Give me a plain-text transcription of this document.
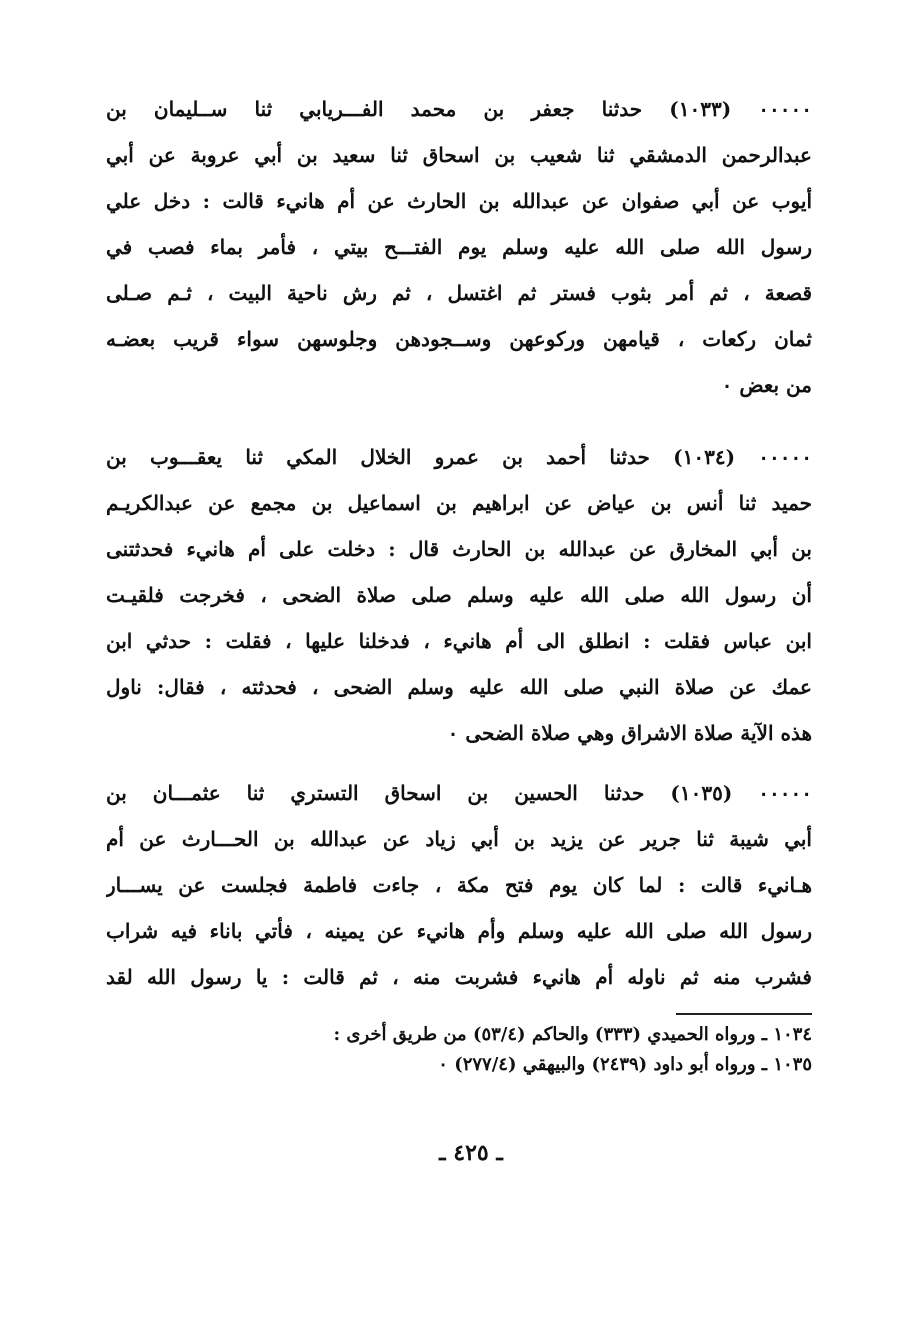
٠٠٠٠٠ (١٠٣٣) حدثنا جعفر بن محمد الفـــريابي ثنا ســليمان بن
عبدالرحمن الدمشقي ثنا شعيب بن اسحاق ثنا سعيد بن أبي عروبة عن أبي
أيوب عن أبي صفوان عن عبدالله بن الحارث عن أم هانيء قالت : دخل علي
رسول الله صلى الله عليه وسلم يوم الفتـــح بيتي ، فأمر بماء فصب في
قصعة ، ثم أمر بثوب فستر ثم اغتسل ، ثم رش ناحية البيت ، ثـم صـلى
ثمان ركعات ، قيامهن وركوعهن وســجودهن وجلوسهن سواء قريب بعضـه
من بعض ٠
٠٠٠٠٠ (١٠٣٤) حدثنا أحمد بن عمرو الخلال المكي ثنا يعقـــوب بن
حميد ثنا أنس بن عياض عن ابراهيم بن اسماعيل بن مجمع عن عبدالكريـم
بن أبي المخارق عن عبدالله بن الحارث قال : دخلت على أم هانيء فحدثتنى
أن رسول الله صلى الله عليه وسلم صلى صلاة الضحى ، فخرجت فلقيـت
ابن عباس فقلت : انطلق الى أم هانيء ، فدخلنا عليها ، فقلت : حدثي ابن
عمك عن صلاة النبي صلى الله عليه وسلم الضحى ، فحدثته ، فقال: ناول
هذه الآية صلاة الاشراق وهي صلاة الضحى ٠
٠٠٠٠٠ (١٠٣٥) حدثنا الحسين بن اسحاق التستري ثنا عثمـــان بن
أبي شيبة ثنا جرير عن يزيد بن أبي زياد عن عبدالله بن الحـــارث عن أم
هـانيء قالت : لما كان يوم فتح مكة ، جاءت فاطمة فجلست عن يســـار
رسول الله صلى الله عليه وسلم وأم هانيء عن يمينه ، فأتي باناء فيه شراب
فشرب منه ثم ناوله أم هانيء فشربت منه ، ثم قالت : يا رسول الله لقد
١٠٣٤ ـ ورواه الحميدي (٣٣٣) والحاكم (٥٣/٤) من طريق أخرى :
١٠٣٥ ـ ورواه أبو داود (٢٤٣٩) والبيهقي (٢٧٧/٤) ٠
ـ ٤٢٥ ـ
